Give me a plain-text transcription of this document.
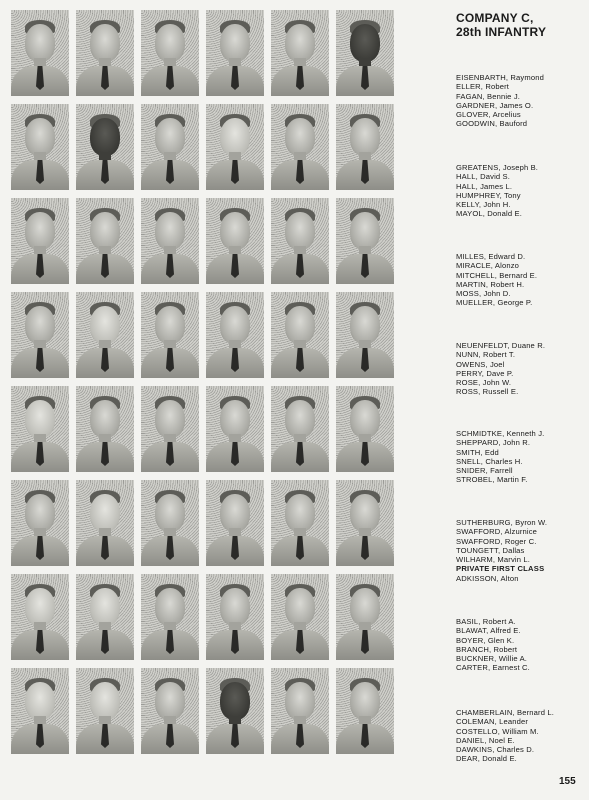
COMPANY C,
28th INFANTRY
EISENBARTH, Raymond
ELLER, Robert
FAGAN, Bennie J.
GARDNER, James O.
GLOVER, Arcelius
GOODWIN, Bauford
GREATENS, Joseph B.
HALL, David S.
HALL, James L.
HUMPHREY, Tony
KELLY, John H.
MAYOL, Donald E.
MILLES, Edward D.
MIRACLE, Alonzo
MITCHELL, Bernard E.
MARTIN, Robert H.
MOSS, John D.
MUELLER, George P.
NEUENFELDT, Duane R.
NUNN, Robert T.
OWENS, Joel
PERRY, Dave P.
ROSE, John W.
ROSS, Russell E.
SCHMIDTKE, Kenneth J.
SHEPPARD, John R.
SMITH, Edd
SNELL, Charles H.
SNIDER, Farrell
STROBEL, Martin F.
SUTHERBURG, Byron W.
SWAFFORD, Alzurnice
SWAFFORD, Roger C.
TOUNGETT, Dallas
WILHARM, Marvin L.
PRIVATE FIRST CLASS
ADKISSON, Alton
BASIL, Robert A.
BLAWAT, Alfred E.
BOYER, Glen K.
BRANCH, Robert
BUCKNER, Willie A.
CARTER, Earnest C.
CHAMBERLAIN, Bernard L.
COLEMAN, Leander
COSTELLO, William M.
DANIEL, Noel E.
DAWKINS, Charles D.
DEAR, Donald E.
155
